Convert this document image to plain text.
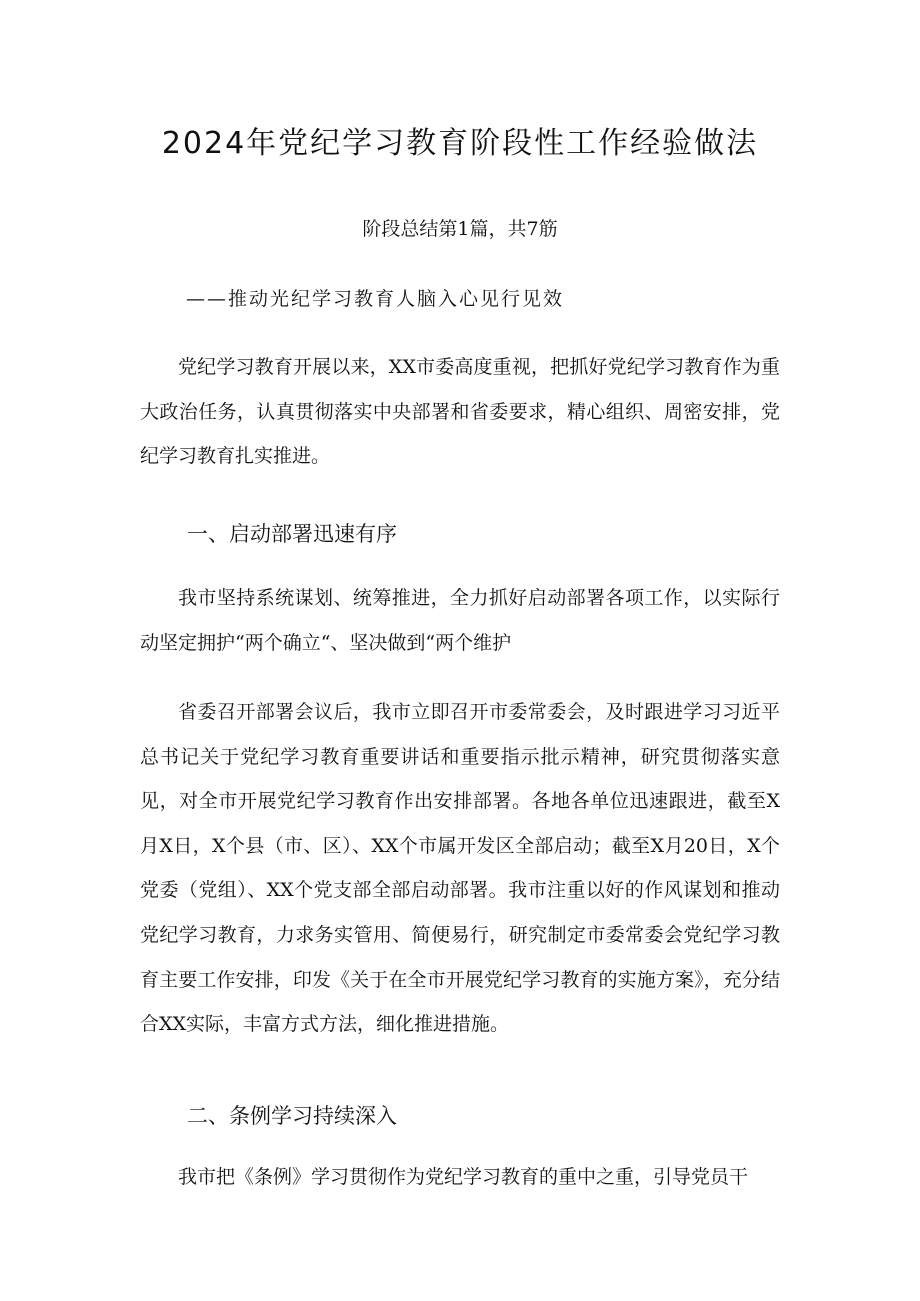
2024年党纪学习教育阶段性工作经验做法
阶段总结第1篇，共7筋
——推动光纪学习教育人脑入心见行见效

党纪学习教育开展以来，XX市委高度重视，把抓好党纪学习教育作为重大政治任务，认真贯彻落实中央部署和省委要求，精心组织、周密安排，党纪学习教育扎实推进。

一、启动部署迅速有序

我市坚持系统谋划、统筹推进，全力抓好启动部署各项工作，以实际行动坚定拥护“两个确立“、坚决做到“两个维护

省委召开部署会议后，我市立即召开市委常委会，及时跟进学习习近平总书记关于党纪学习教育重要讲话和重要指示批示精神，研究贯彻落实意见，对全市开展党纪学习教育作出安排部署。各地各单位迅速跟进，截至X月X日，X个县（市、区）、XX个市属开发区全部启动；截至X月20日，X个党委（党组）、XX个党支部全部启动部署。我市注重以好的作风谋划和推动党纪学习教育，力求务实管用、简便易行，研究制定市委常委会党纪学习教育主要工作安排，印发《关于在全市开展党纪学习教育的实施方案》，充分结合XX实际，丰富方式方法，细化推进措施。

二、条例学习持续深入

我市把《条例》学习贯彻作为党纪学习教育的重中之重，引导党员干
